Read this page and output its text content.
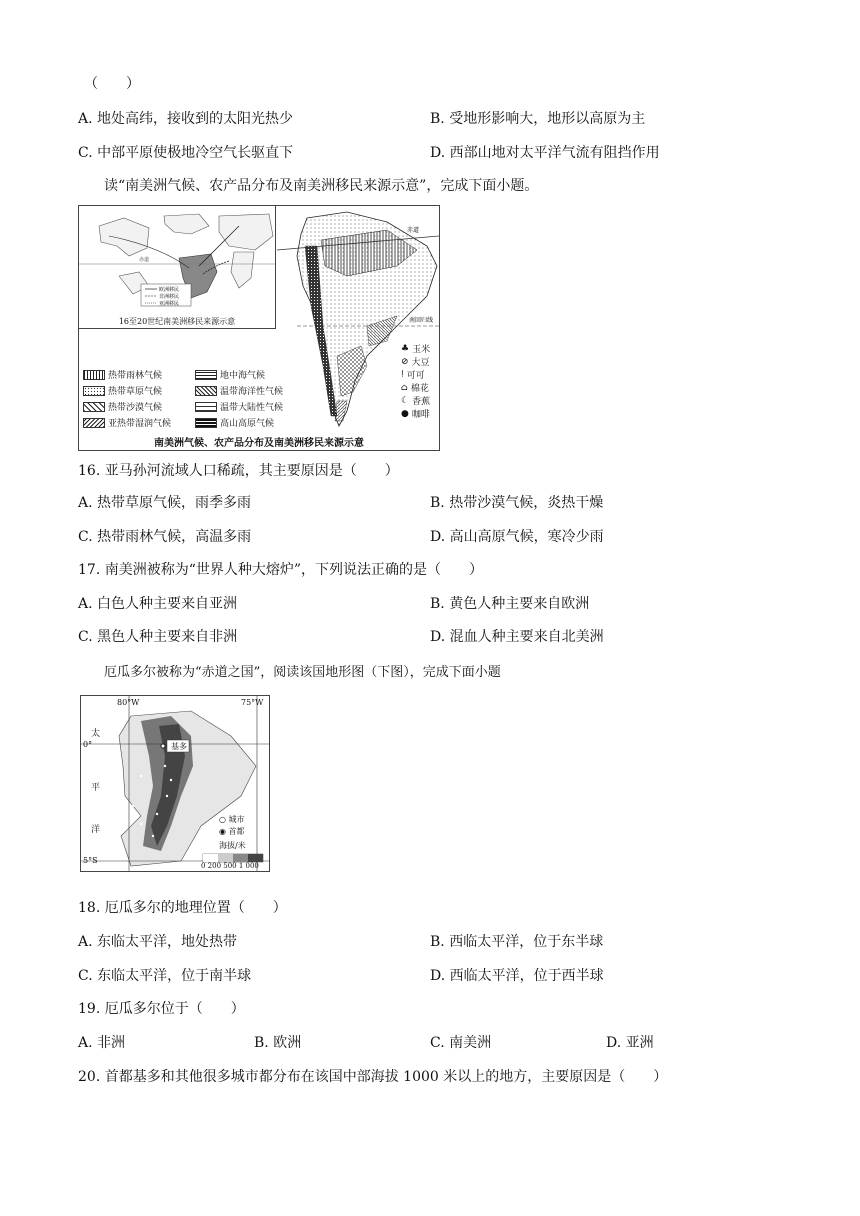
（　　）
A. 地处高纬，接收到的太阳光热少	B. 受地形影响大，地形以高原为主
C. 中部平原使极地冷空气长驱直下	D. 西部山地对太平洋气流有阻挡作用
读“南美洲气候、农产品分布及南美洲移民来源示意”，完成下面小题。
赤道
欧洲移民
非洲移民
亚洲移民
16至20世纪南美洲移民来源示意
赤道
南回归线
热带雨林气候	地中海气候
热带草原气候	温带海洋性气候
热带沙漠气候	温带大陆性气候
亚热带湿润气候	高山高原气候
♣ 玉米
⊘ 大豆
ǃ 可可
⌂ 棉花
☾ 香蕉
● 咖啡
南美洲气候、农产品分布及南美洲移民来源示意
16. 亚马孙河流域人口稀疏，其主要原因是（　　）
A. 热带草原气候，雨季多雨	B. 热带沙漠气候，炎热干燥
C. 热带雨林气候，高温多雨	D. 高山高原气候，寒冷少雨
17. 南美洲被称为“世界人种大熔炉”，下列说法正确的是（　　）
A. 白色人种主要来自亚洲	B. 黄色人种主要来自欧洲
C. 黑色人种主要来自非洲	D. 混血人种主要来自北美洲
厄瓜多尔被称为“赤道之国”，阅读该国地形图（下图），完成下面小题
80°W	75°W
0°
5°S
太
平
洋
基多
○ 城市
◉ 首都
海拔/米
0 200 500 1 000
18. 厄瓜多尔的地理位置（　　）
A. 东临太平洋，地处热带	B. 西临太平洋，位于东半球
C. 东临太平洋，位于南半球	D. 西临太平洋，位于西半球
19. 厄瓜多尔位于（　　）
A. 非洲	B. 欧洲	C. 南美洲	D. 亚洲
20. 首都基多和其他很多城市都分布在该国中部海拔 1000 米以上的地方，主要原因是（　　）
